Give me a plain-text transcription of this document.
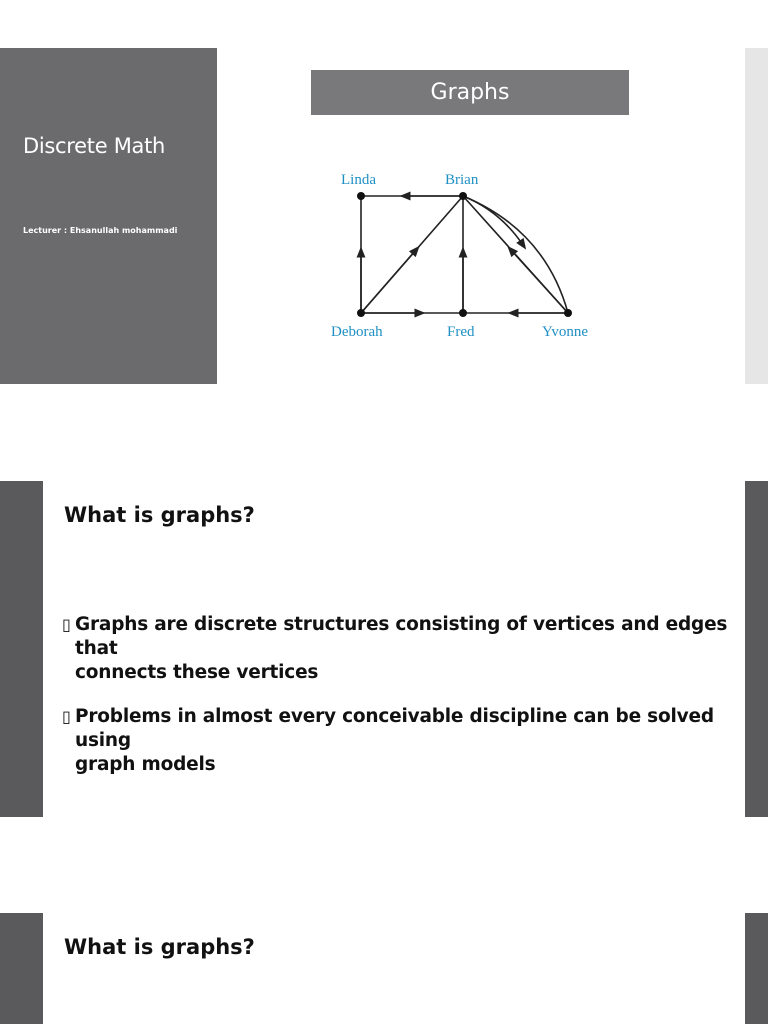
Discrete Math
Lecturer : Ehsanullah mohammadi
Graphs
Linda	Brian
Deborah	Fred	Yvonne
What is graphs?
▯ Graphs are discrete structures consisting of vertices and edges that
connects these vertices
▯ Problems in almost every conceivable discipline can be solved using
graph models
What is graphs?
